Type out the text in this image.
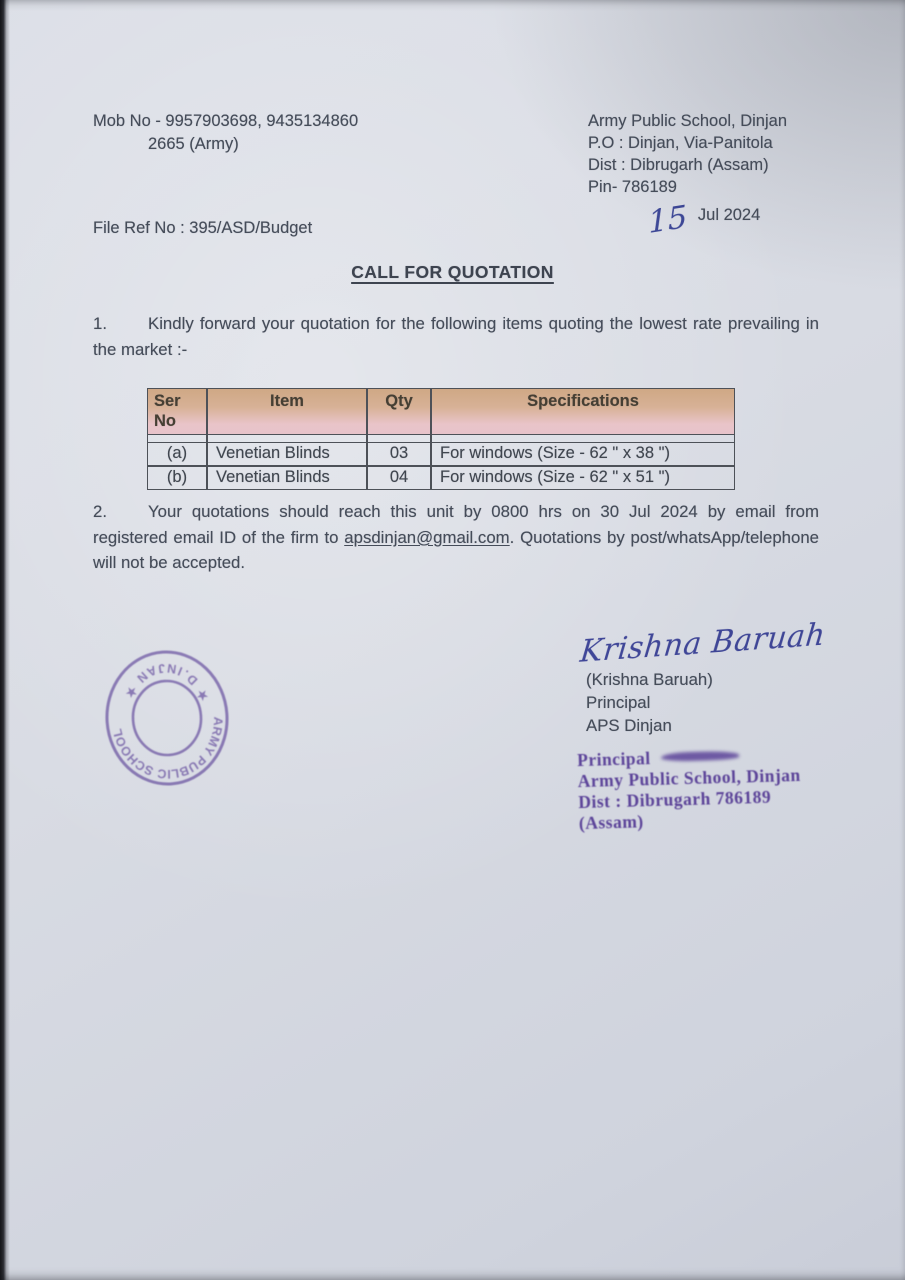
Mob No - 9957903698, 9435134860
2665 (Army)
Army Public School, Dinjan
P.O : Dinjan, Via-Panitola
Dist : Dibrugarh (Assam)
Pin- 786189
File Ref No : 395/ASD/Budget	15 Jul 2024
CALL FOR QUOTATION

1. Kindly forward your quotation for the following items quoting the lowest rate prevailing in the market :-

Ser No	Item	Qty	Specifications

(a)	Venetian Blinds	03	For windows (Size - 62 " x 38 ")
(b)	Venetian Blinds	04	For windows (Size - 62 " x 51 ")

2. Your quotations should reach this unit by 0800 hrs on 30 Jul 2024 by email from registered email ID of the firm to apsdinjan@gmail.com. Quotations by post/whatsApp/telephone will not be accepted.

Krishna Baruah
(Krishna Baruah)
Principal
APS Dinjan
ARMY PUBLIC SCHOOL
★ D.INJAN ★
Principal
Army Public School, Dinjan
Dist : Dibrugarh 786189
(Assam)
